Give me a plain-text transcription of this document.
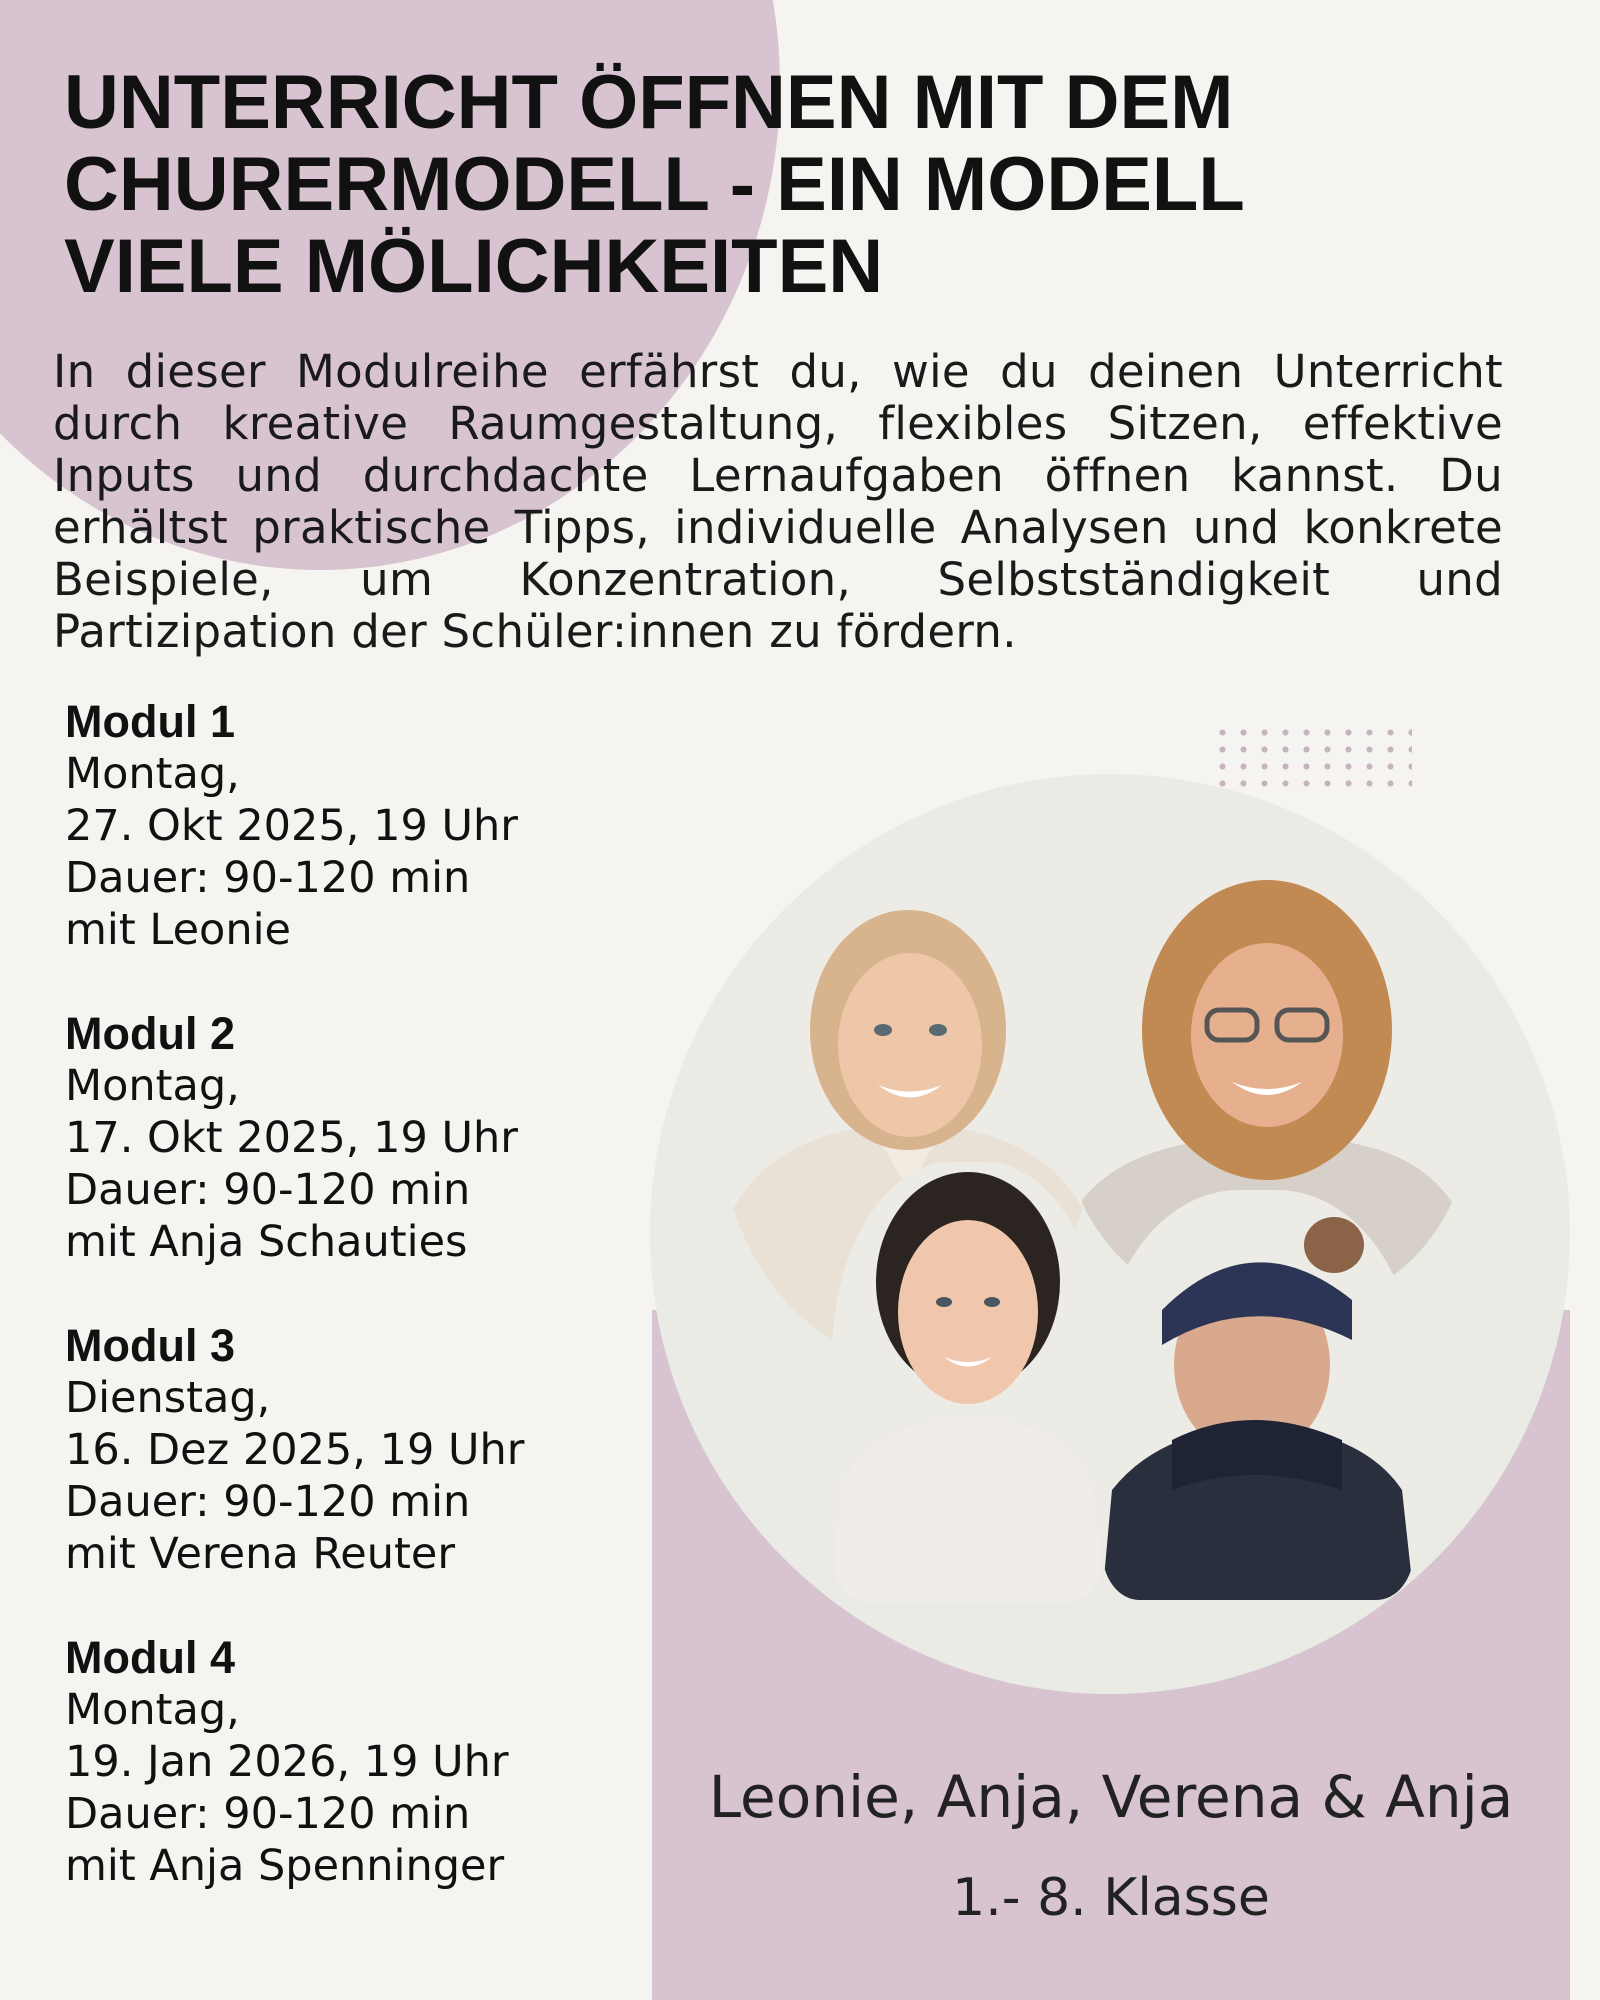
UNTERRICHT ÖFFNEN MIT DEM
CHURERMODELL - EIN MODELL
VIELE MÖLICHKEITEN

In dieser Modulreihe erfährst du, wie du deinen Unterricht durch kreative Raumgestaltung, flexibles Sitzen, effektive Inputs und durchdachte Lernaufgaben öffnen kannst. Du erhältst praktische Tipps, individuelle Analysen und konkrete Beispiele, um Konzentration, Selbstständigkeit und Partizipation der Schüler:innen zu fördern.

Modul 1
Montag,
27. Okt 2025, 19 Uhr
Dauer: 90-120 min
mit Leonie
Modul 2
Montag,
17. Okt 2025, 19 Uhr
Dauer: 90-120 min
mit Anja Schauties
Modul 3
Dienstag,
16. Dez 2025, 19 Uhr
Dauer: 90-120 min
mit Verena Reuter
Modul 4
Montag,
19. Jan 2026, 19 Uhr
Dauer: 90-120 min
mit Anja Spenninger
Leonie, Anja, Verena & Anja
1.- 8. Klasse
